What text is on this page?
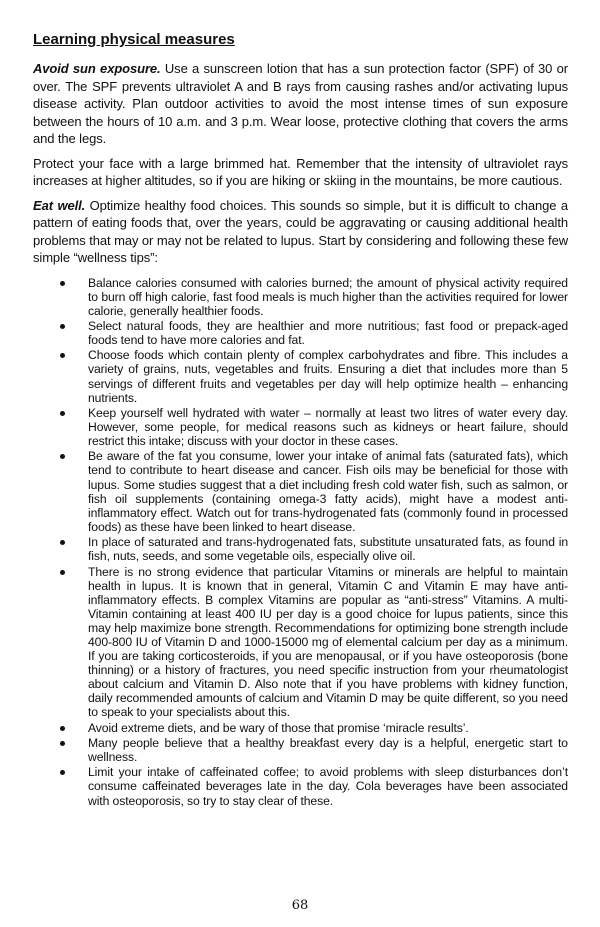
Learning physical measures

Avoid sun exposure. Use a sunscreen lotion that has a sun protection factor (SPF) of 30 or over. The SPF prevents ultraviolet A and B rays from causing rashes and/or activating lupus disease activity. Plan outdoor activities to avoid the most intense times of sun exposure between the hours of 10 a.m. and 3 p.m. Wear loose, protective clothing that covers the arms and the legs.

Protect your face with a large brimmed hat. Remember that the intensity of ultraviolet rays increases at higher altitudes, so if you are hiking or skiing in the mountains, be more cautious.

Eat well. Optimize healthy food choices. This sounds so simple, but it is difficult to change a pattern of eating foods that, over the years, could be aggravating or causing additional health problems that may or may not be related to lupus. Start by considering and following these few simple “wellness tips”:

Balance calories consumed with calories burned; the amount of physical activity required to burn off high calorie, fast food meals is much higher than the activities required for lower calorie, generally healthier foods.
Select natural foods, they are healthier and more nutritious; fast food or prepack-aged foods tend to have more calories and fat.
Choose foods which contain plenty of complex carbohydrates and fibre. This includes a variety of grains, nuts, vegetables and fruits. Ensuring a diet that includes more than 5 servings of different fruits and vegetables per day will help optimize health – enhancing nutrients.
Keep yourself well hydrated with water – normally at least two litres of water every day. However, some people, for medical reasons such as kidneys or heart failure, should restrict this intake; discuss with your doctor in these cases.
Be aware of the fat you consume, lower your intake of animal fats (saturated fats), which tend to contribute to heart disease and cancer. Fish oils may be beneficial for those with lupus. Some studies suggest that a diet including fresh cold water fish, such as salmon, or fish oil supplements (containing omega-3 fatty acids), might have a modest anti-inflammatory effect. Watch out for trans-hydrogenated fats (commonly found in processed foods) as these have been linked to heart disease.
In place of saturated and trans-hydrogenated fats, substitute unsaturated fats, as found in fish, nuts, seeds, and some vegetable oils, especially olive oil.
There is no strong evidence that particular Vitamins or minerals are helpful to maintain health in lupus. It is known that in general, Vitamin C and Vitamin E may have anti-inflammatory effects. B complex Vitamins are popular as “anti-stress” Vitamins. A multi-Vitamin containing at least 400 IU per day is a good choice for lupus patients, since this may help maximize bone strength. Recommendations for optimizing bone strength include 400-800 IU of Vitamin D and 1000-15000 mg of elemental calcium per day as a minimum. If you are taking corticosteroids, if you are menopausal, or if you have osteoporosis (bone thinning) or a history of fractures, you need specific instruction from your rheumatologist about calcium and Vitamin D. Also note that if you have problems with kidney function, daily recommended amounts of calcium and Vitamin D may be quite different, so you need to speak to your specialists about this.
Avoid extreme diets, and be wary of those that promise ‘miracle results’.
Many people believe that a healthy breakfast every day is a helpful, energetic start to wellness.
Limit your intake of caffeinated coffee; to avoid problems with sleep disturbances don’t consume caffeinated beverages late in the day. Cola beverages have been associated with osteoporosis, so try to stay clear of these.
68
